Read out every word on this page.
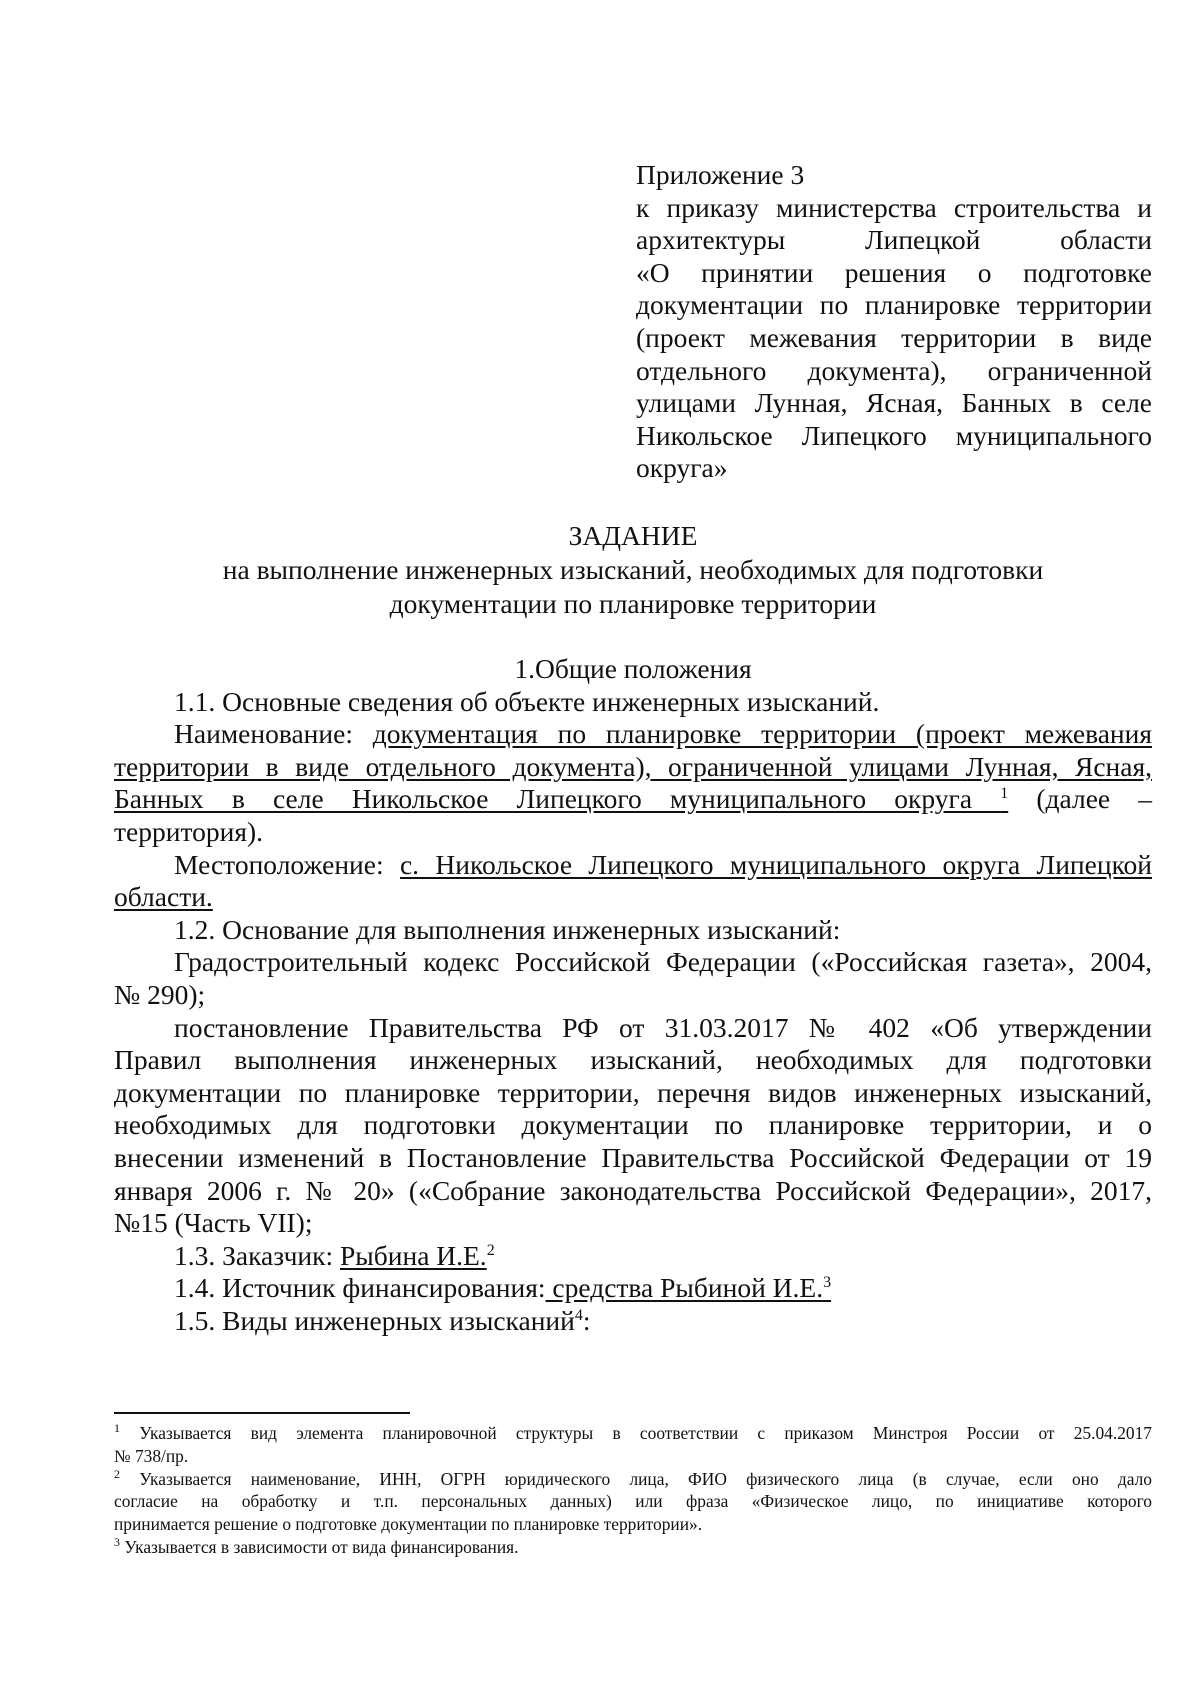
Приложение 3
к приказу министерства строительства и
архитектуры Липецкой области
«О принятии решения о подготовке
документации по планировке территории
(проект межевания территории в виде
отдельного документа), ограниченной
улицами Лунная, Ясная, Банных в селе
Никольское Липецкого муниципального
округа»
ЗАДАНИЕ
на выполнение инженерных изысканий, необходимых для подготовки
документации по планировке территории
1.Общие положения
1.1. Основные сведения об объекте инженерных изысканий.
Наименование: документация по планировке территории (проект межевания
территории в виде отдельного документа), ограниченной улицами Лунная, Ясная,
Банных в селе Никольское Липецкого муниципального округа $^1$ (далее –
территория).
Местоположение: с. Никольское Липецкого муниципального округа Липецкой
области.
1.2. Основание для выполнения инженерных изысканий:
Градостроительный кодекс Российской Федерации («Российская газета», 2004,
№ 290);
постановление Правительства РФ от 31.03.2017 № 402 «Об утверждении
Правил выполнения инженерных изысканий, необходимых для подготовки
документации по планировке территории, перечня видов инженерных изысканий,
необходимых для подготовки документации по планировке территории, и о
внесении изменений в Постановление Правительства Российской Федерации от 19
января 2006 г. № 20» («Собрание законодательства Российской Федерации», 2017,
№15 (Часть VII);
1.3. Заказчик: Рыбина И.Е.$^2$
1.4. Источник финансирования: средства Рыбиной И.Е.$^3$
1.5. Виды инженерных изысканий$^4$:
$^1$ Указывается вид элемента планировочной структуры в соответствии с приказом Минстроя России от 25.04.2017
№ 738/пр.
$^2$ Указывается наименование, ИНН, ОГРН юридического лица, ФИО физического лица (в случае, если оно дало
согласие на обработку и т.п. персональных данных) или фраза «Физическое лицо, по инициативе которого
принимается решение о подготовке документации по планировке территории».
$^3$ Указывается в зависимости от вида финансирования.
